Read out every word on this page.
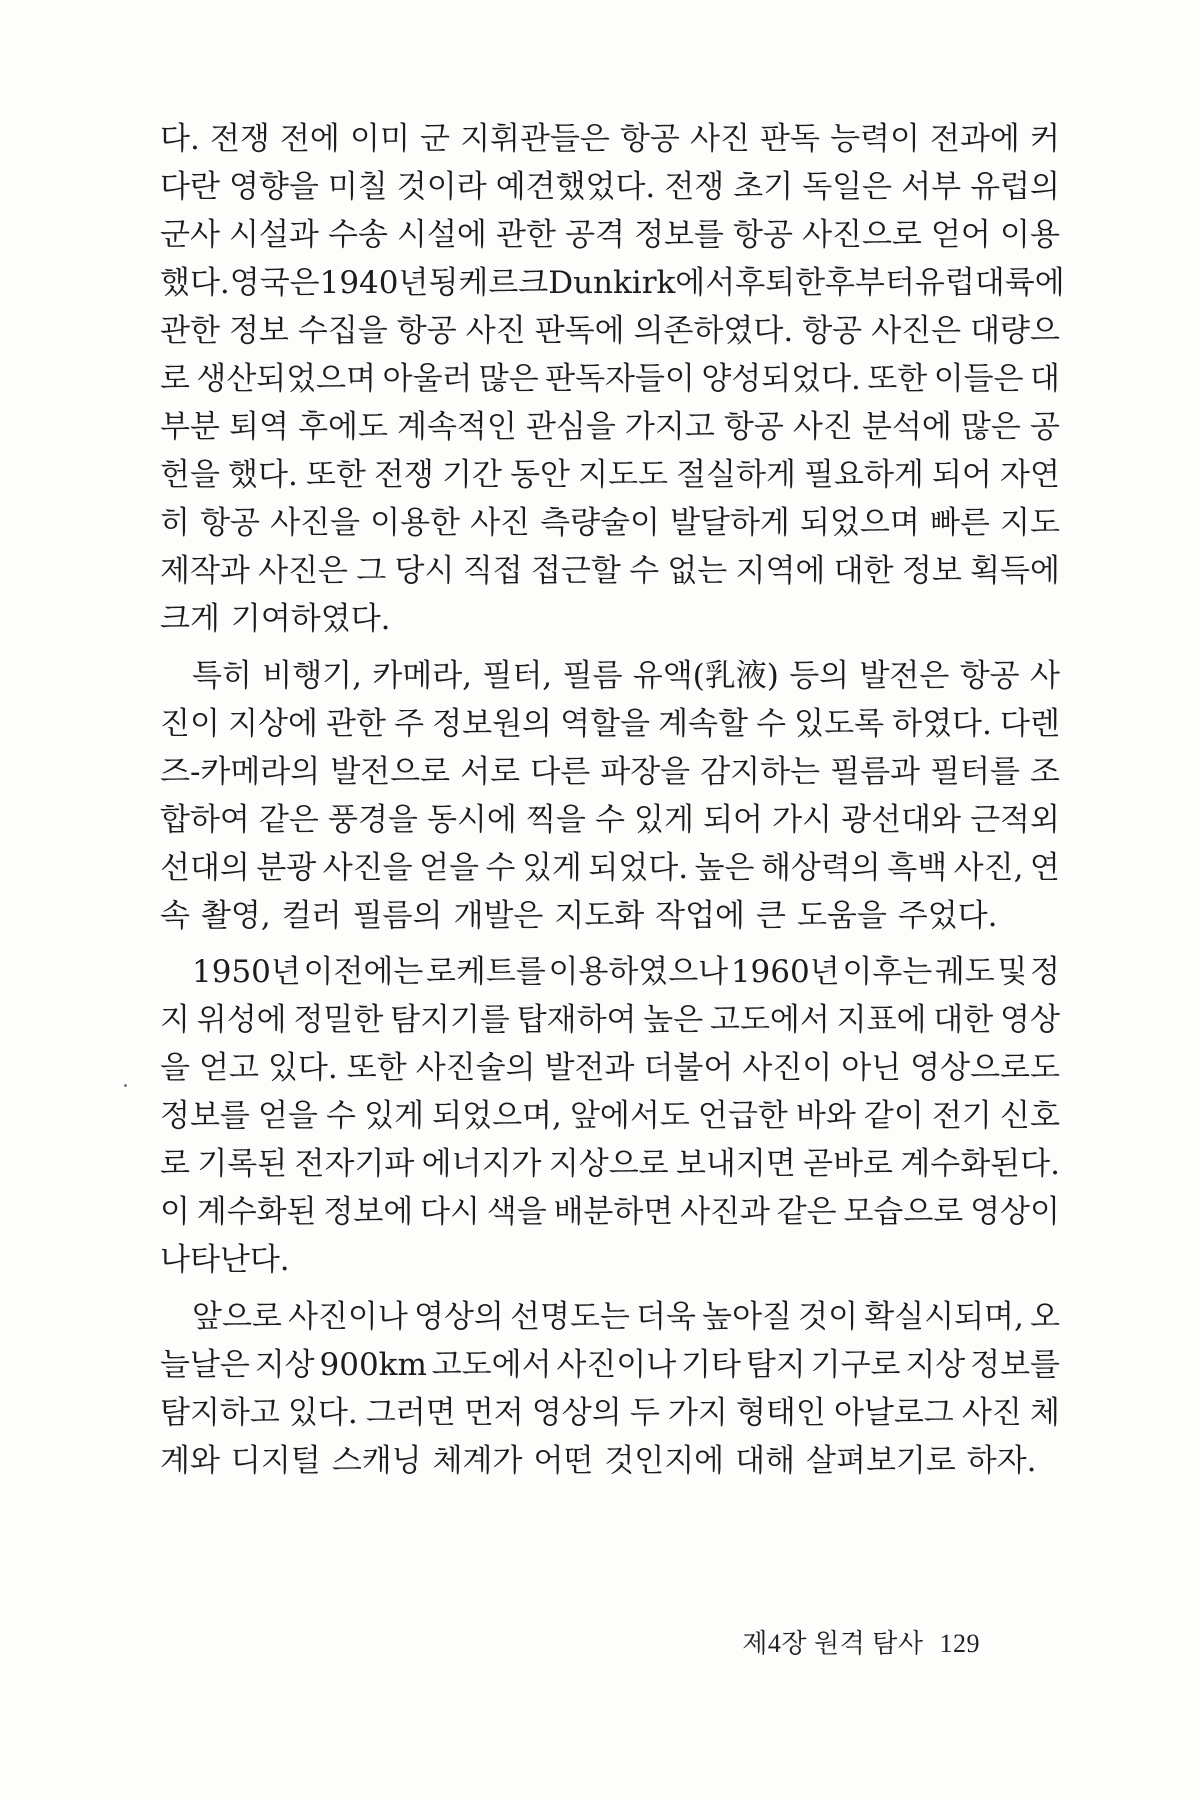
다. 전쟁 전에 이미 군 지휘관들은 항공 사진 판독 능력이 전과에 커
다란 영향을 미칠 것이라 예견했었다. 전쟁 초기 독일은 서부 유럽의
군사 시설과 수송 시설에 관한 공격 정보를 항공 사진으로 얻어 이용
했다. 영국은 1940년 됭케르크Dunkirk에서 후퇴한 후부터 유럽 대륙에
관한 정보 수집을 항공 사진 판독에 의존하였다. 항공 사진은 대량으
로 생산되었으며 아울러 많은 판독자들이 양성되었다. 또한 이들은 대
부분 퇴역 후에도 계속적인 관심을 가지고 항공 사진 분석에 많은 공
헌을 했다. 또한 전쟁 기간 동안 지도도 절실하게 필요하게 되어 자연
히 항공 사진을 이용한 사진 측량술이 발달하게 되었으며 빠른 지도
제작과 사진은 그 당시 직접 접근할 수 없는 지역에 대한 정보 획득에
크게 기여하였다.
특히 비행기, 카메라, 필터, 필름 유액(乳液) 등의 발전은 항공 사
진이 지상에 관한 주 정보원의 역할을 계속할 수 있도록 하였다. 다렌
즈-카메라의 발전으로 서로 다른 파장을 감지하는 필름과 필터를 조
합하여 같은 풍경을 동시에 찍을 수 있게 되어 가시 광선대와 근적외
선대의 분광 사진을 얻을 수 있게 되었다. 높은 해상력의 흑백 사진, 연
속 촬영, 컬러 필름의 개발은 지도화 작업에 큰 도움을 주었다.
1950년 이전에는 로케트를 이용하였으나 1960년 이후는 궤도 및 정
지 위성에 정밀한 탐지기를 탑재하여 높은 고도에서 지표에 대한 영상
을 얻고 있다. 또한 사진술의 발전과 더불어 사진이 아닌 영상으로도
정보를 얻을 수 있게 되었으며, 앞에서도 언급한 바와 같이 전기 신호
로 기록된 전자기파 에너지가 지상으로 보내지면 곧바로 계수화된다.
이 계수화된 정보에 다시 색을 배분하면 사진과 같은 모습으로 영상이
나타난다.
앞으로 사진이나 영상의 선명도는 더욱 높아질 것이 확실시되며, 오
늘날은 지상 900km 고도에서 사진이나 기타 탐지 기구로 지상 정보를
탐지하고 있다. 그러면 먼저 영상의 두 가지 형태인 아날로그 사진 체
계와 디지털 스캐닝 체계가 어떤 것인지에 대해 살펴보기로 하자.
제4장 원격 탐사 129
